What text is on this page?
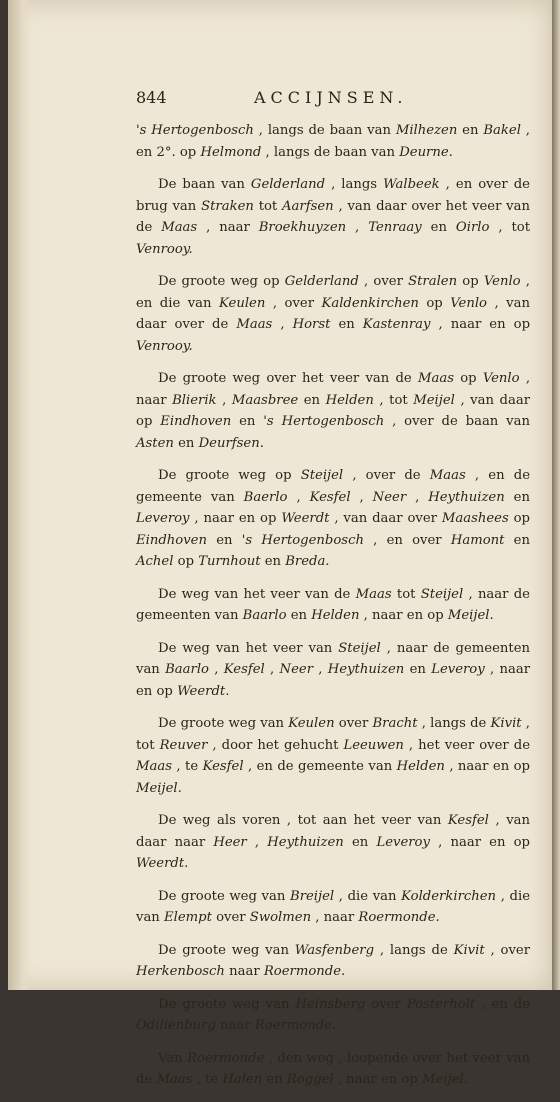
844	ACCIJNSEN.

's Hertogenbosch , langs de baan van Milhezen en Bakel , en 2°. op Helmond , langs de baan van Deurne.

De baan van Gelderland , langs Walbeek , en over de brug van Straken tot Aarfsen , van daar over het veer van de Maas , naar Broekhuyzen , Tenraay en Oirlo , tot Venrooy.

De groote weg op Gelderland , over Stralen op Venlo , en die van Keulen , over Kaldenkirchen op Venlo , van daar over de Maas , Horst en Kastenray , naar en op Venrooy.

De groote weg over het veer van de Maas op Venlo , naar Blierik , Maasbree en Helden , tot Meijel , van daar op Eindhoven en 's Hertogenbosch , over de baan van Asten en Deurfsen.

De groote weg op Steijel , over de Maas , en de gemeente van Baerlo , Kesfel , Neer , Heythuizen en Leveroy , naar en op Weerdt , van daar over Maashees op Eindhoven en 's Hertogenbosch , en over Hamont en Achel op Turnhout en Breda.

De weg van het veer van de Maas tot Steijel , naar de gemeenten van Baarlo en Helden , naar en op Meijel.

De weg van het veer van Steijel , naar de gemeenten van Baarlo , Kesfel , Neer , Heythuizen en Leveroy , naar en op Weerdt.

De groote weg van Keulen over Bracht , langs de Kivit , tot Reuver , door het gehucht Leeuwen , het veer over de Maas , te Kesfel , en de gemeente van Helden , naar en op Meijel.

De weg als voren , tot aan het veer van Kesfel , van daar naar Heer , Heythuizen en Leveroy , naar en op Weerdt.

De groote weg van Breijel , die van Kolderkirchen , die van Elempt over Swolmen , naar Roermonde.

De groote weg van Wasfenberg , langs de Kivit , over Herkenbosch naar Roermonde.

De groote weg van Heinsberg over Posterholt , en de Odilienburg naar Roermonde.

Van Roermonde , den weg , loopende over het veer van de Maas , te Halen en Roggel , naar en op Meijel.
